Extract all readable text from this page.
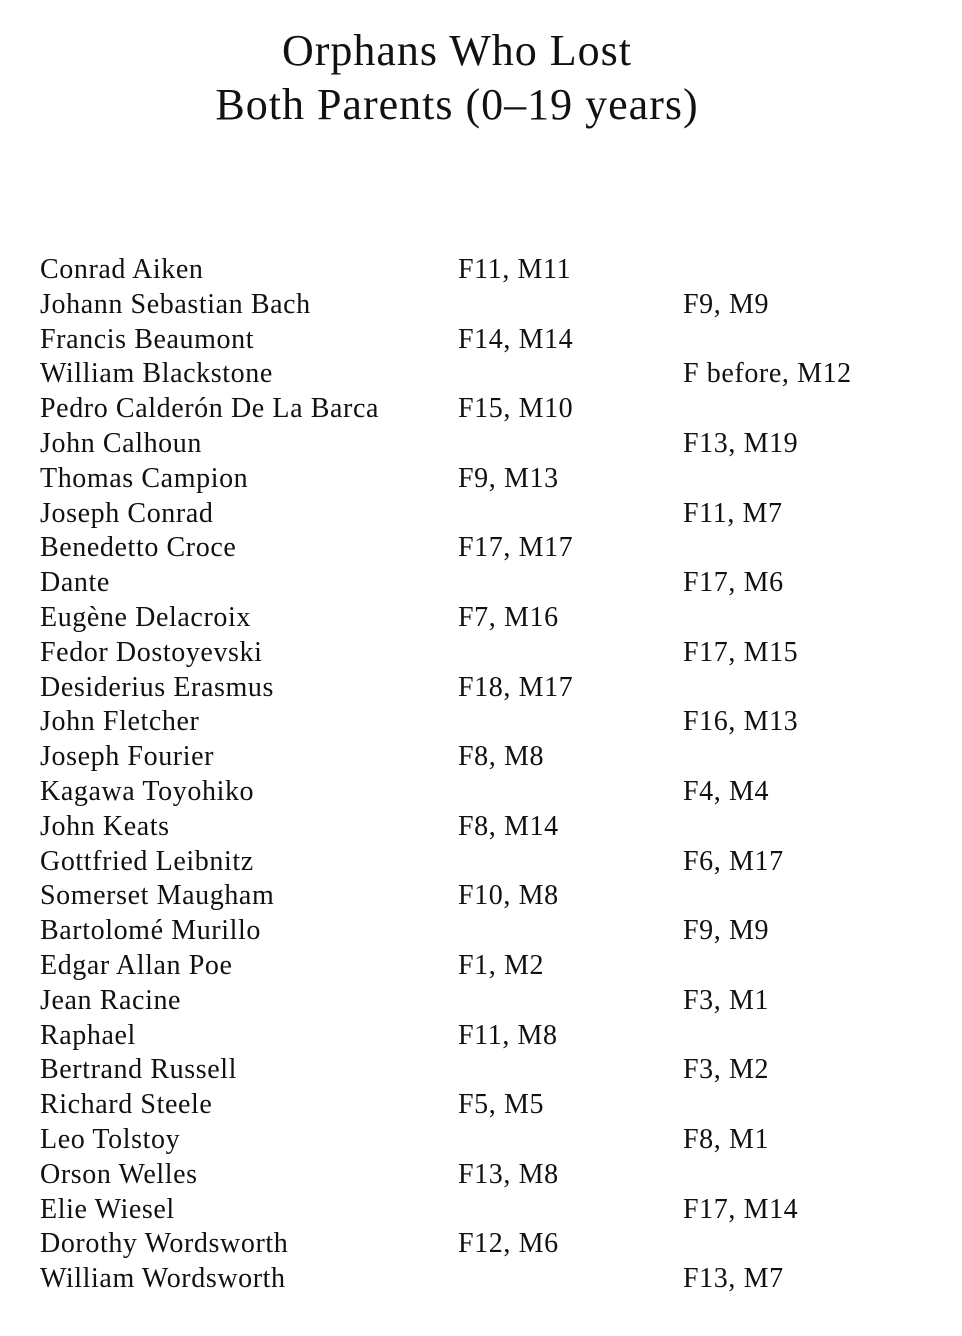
Orphans Who Lost
Both Parents (0–19 years)
Conrad Aiken	F11, M11
Johann Sebastian Bach	F9, M9
Francis Beaumont	F14, M14
William Blackstone	F before, M12
Pedro Calderón De La Barca	F15, M10
John Calhoun	F13, M19
Thomas Campion	F9, M13
Joseph Conrad	F11, M7
Benedetto Croce	F17, M17
Dante	F17, M6
Eugène Delacroix	F7, M16
Fedor Dostoyevski	F17, M15
Desiderius Erasmus	F18, M17
John Fletcher	F16, M13
Joseph Fourier	F8, M8
Kagawa Toyohiko	F4, M4
John Keats	F8, M14
Gottfried Leibnitz	F6, M17
Somerset Maugham	F10, M8
Bartolomé Murillo	F9, M9
Edgar Allan Poe	F1, M2
Jean Racine	F3, M1
Raphael	F11, M8
Bertrand Russell	F3, M2
Richard Steele	F5, M5
Leo Tolstoy	F8, M1
Orson Welles	F13, M8
Elie Wiesel	F17, M14
Dorothy Wordsworth	F12, M6
William Wordsworth	F13, M7
